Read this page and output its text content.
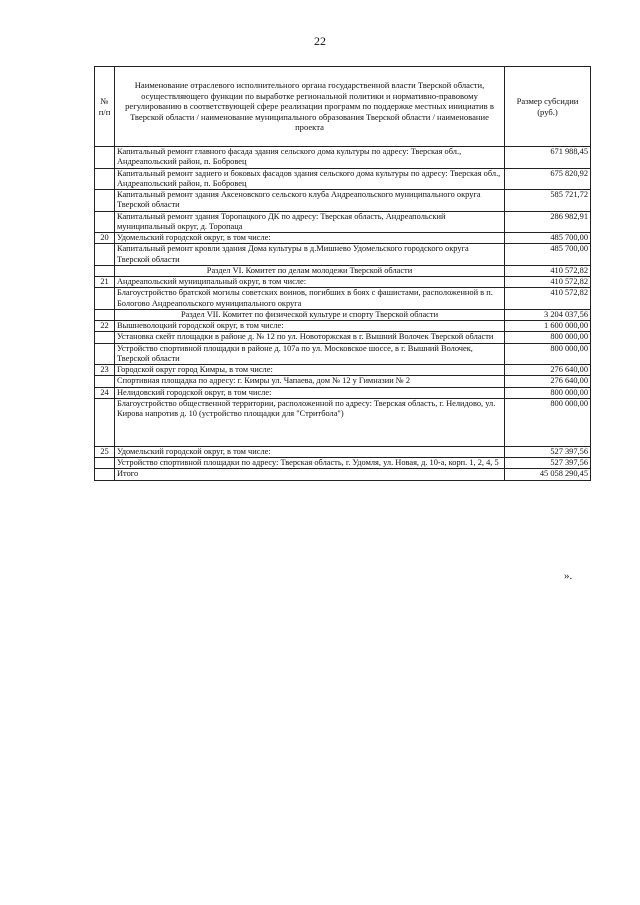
22
№
п/п	Наименование отраслевого исполнительного органа государственной власти Тверской области, осуществляющего функции по выработке региональной политики и нормативно-правовому регулированию в соответствующей сфере реализации программ по поддержке местных инициатив в Тверской области / наименование муниципального образования Тверской области / наименование проекта	Размер субсидии (руб.)
	Капитальный ремонт главного фасада здания сельского дома культуры по адресу: Тверская обл., Андреапольский район, п. Бобровец	671 988,45
	Капитальный ремонт заднего и боковых фасадов здания сельского дома культуры по адресу: Тверская обл., Андреапольский район, п. Бобровец	675 820,92
	Капитальный ремонт здания Аксеновского сельского клуба Андреапольского муниципального округа Тверской области	585 721,72
	Капитальный ремонт здания Торопацкого ДК по адресу: Тверская область, Андреапольский муниципальный округ, д. Торопаца	286 982,91
20	Удомельский городской округ, в том числе:	485 700,00
	Капитальный ремонт кровли здания Дома культуры в д.Мишнево Удомельского городского округа Тверской области	485 700,00
	Раздел VI. Комитет по делам молодежи Тверской области	410 572,82
21	Андреапольский муниципальный округ, в том числе:	410 572,82
	Благоустройство братской могилы советских воинов, погибших в боях с фашистами, расположенной в п. Бологово Андреапольского муниципального округа	410 572,82
	Раздел VII. Комитет по физической культуре и спорту Тверской области	3 204 037,56
22	Вышневолоцкий городской округ, в том числе:	1 600 000,00
	Установка скейт площадки в районе д. № 12 по ул. Новоторжская в г. Вышний Волочек Тверской области	800 000,00
	Устройство спортивной площадки в районе д. 107а по ул. Московское шоссе, в г. Вышний Волочек, Тверской области	800 000,00
23	Городской округ город Кимры, в том числе:	276 640,00
	Спортивная площадка по адресу: г. Кимры ул. Чапаева, дом № 12 у Гимназии № 2	276 640,00
24	Нелидовский городской округ, в том числе:	800 000,00
	Благоустройство общественной территории, расположенной по адресу: Тверская область, г. Нелидово, ул. Кирова напротив д. 10 (устройство площадки для "Стритбола")	800 000,00
25	Удомельский городской округ, в том числе:	527 397,56
	Устройство спортивной площадки по адресу: Тверская область, г. Удомля, ул. Новая, д. 10-а, корп. 1, 2, 4, 5	527 397,56
	Итого	45 058 290,45
».
